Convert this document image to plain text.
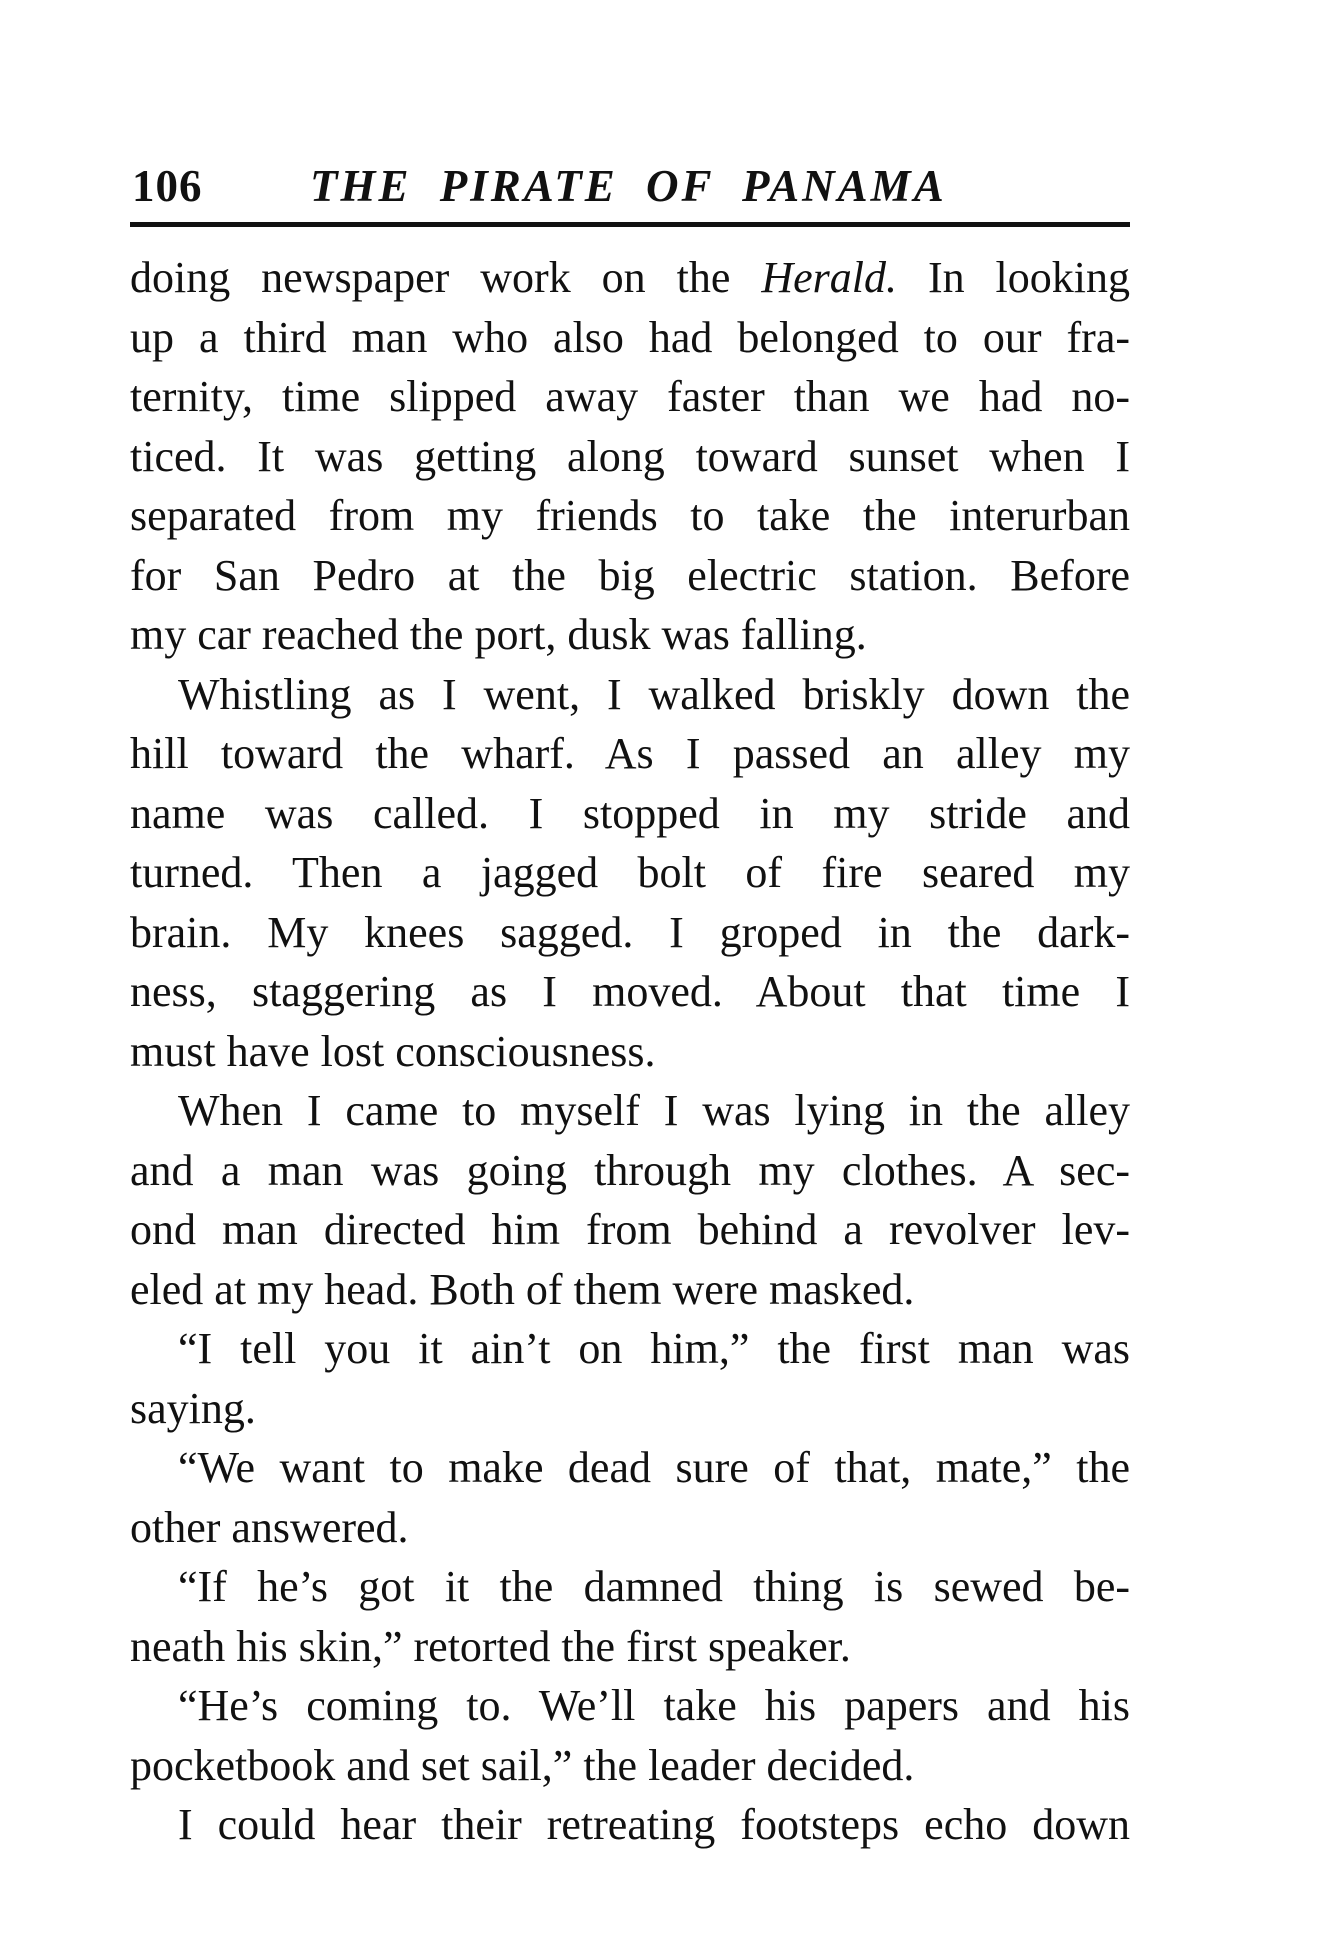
106 THE PIRATE OF PANAMA
doing newspaper work on the Herald. In looking
up a third man who also had belonged to our fra-
ternity, time slipped away faster than we had no-
ticed. It was getting along toward sunset when I
separated from my friends to take the interurban
for San Pedro at the big electric station. Before
my car reached the port, dusk was falling.
Whistling as I went, I walked briskly down the
hill toward the wharf. As I passed an alley my
name was called. I stopped in my stride and
turned. Then a jagged bolt of fire seared my
brain. My knees sagged. I groped in the dark-
ness, staggering as I moved. About that time I
must have lost consciousness.
When I came to myself I was lying in the alley
and a man was going through my clothes. A sec-
ond man directed him from behind a revolver lev-
eled at my head. Both of them were masked.
“I tell you it ain’t on him,” the first man was
saying.
“We want to make dead sure of that, mate,” the
other answered.
“If he’s got it the damned thing is sewed be-
neath his skin,” retorted the first speaker.
“He’s coming to. We’ll take his papers and his
pocketbook and set sail,” the leader decided.
I could hear their retreating footsteps echo down
